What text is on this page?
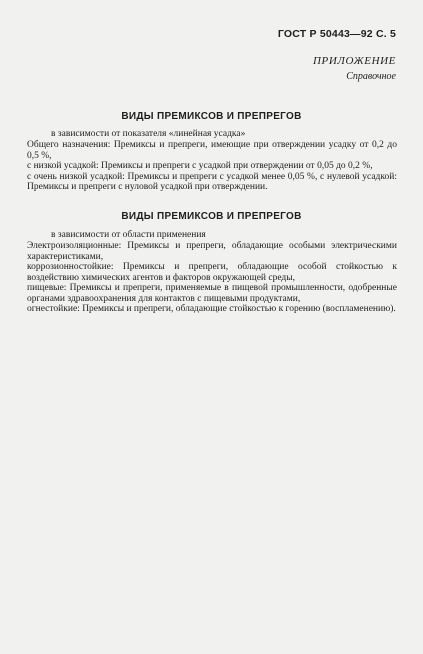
ГОСТ Р 50443—92 С. 5
ПРИЛОЖЕНИЕ
Справочное
ВИДЫ ПРЕМИКСОВ И ПРЕПРЕГОВ
в зависимости от показателя «линейная усадка»

Общего назначения: Премиксы и препреги, имеющие при отверждении усадку от 0,2 до 0,5 %,

с низкой усадкой: Премиксы и препреги с усадкой при отверждении от 0,05 до 0,2 %,

с очень низкой усадкой: Премиксы и препреги с усадкой менее 0,05 %, с нулевой усадкой: Премиксы и препреги с нуловой усадкой при отверждении.

ВИДЫ ПРЕМИКСОВ И ПРЕПРЕГОВ
в зависимости от области применения

Электроизоляционные: Премиксы и препреги, обладающие особыми электрическими характеристиками,

коррозионностойкие: Премиксы и препреги, обладающие особой стойкостью к воздействию химических агентов и факторов окружающей среды,

пищевые: Премиксы и препреги, применяемые в пищевой промышленности, одобренные органами здравоохранения для контактов с пищевыми продуктами,

огнестойкие: Премиксы и препреги, обладающие стойкостью к горению (воспламенению).
